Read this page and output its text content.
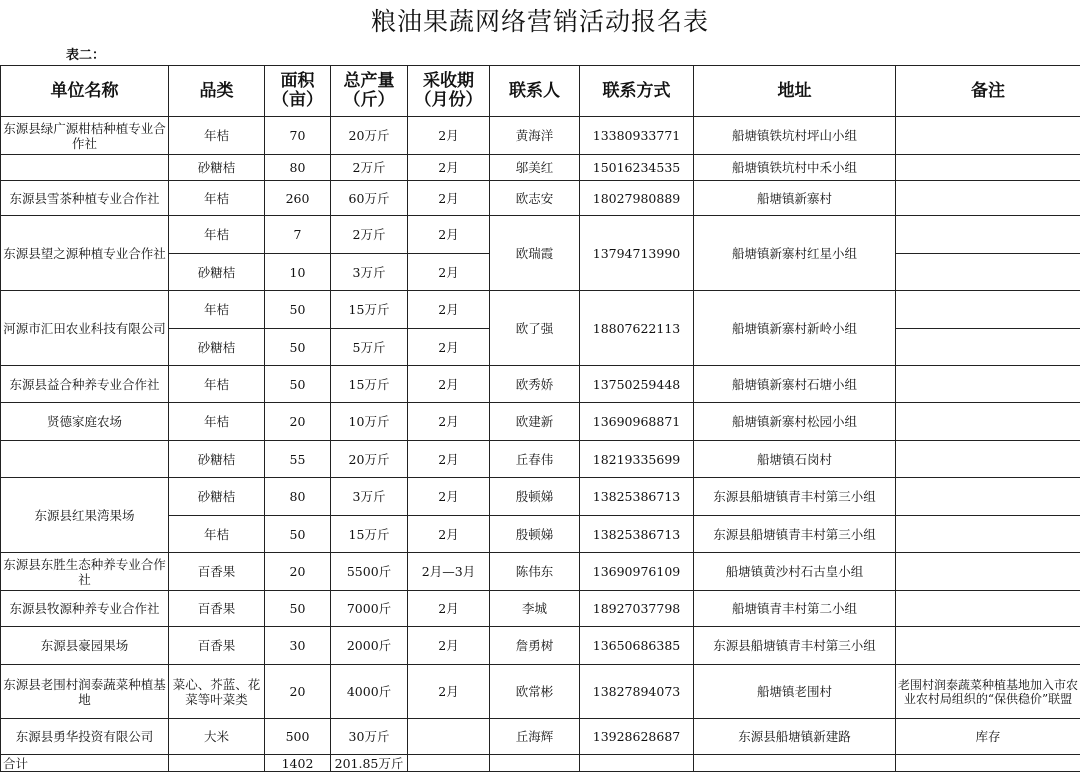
粮油果蔬网络营销活动报名表
表二：
单位名称	品类	面积（亩）	总产量（斤）	采收期（月份）	联系人	联系方式	地址	备注
东源县绿广源柑桔种植专业合作社	年桔	70	20万斤	2月	黄海洋	13380933771	船塘镇铁坑村坪山小组	
	砂糖桔	80	2万斤	2月	邬美红	15016234535	船塘镇铁坑村中禾小组	
东源县雪茶种植专业合作社	年桔	260	60万斤	2月	欧志安	18027980889	船塘镇新寨村	
东源县望之源种植专业合作社	年桔	7	2万斤	2月	欧瑞霞	13794713990	船塘镇新寨村红星小组	
	砂糖桔	10	3万斤	2月				
河源市汇田农业科技有限公司	年桔	50	15万斤	2月	欧了强	18807622113	船塘镇新寨村新岭小组	
	砂糖桔	50	5万斤	2月				
东源县益合种养专业合作社	年桔	50	15万斤	2月	欧秀娇	13750259448	船塘镇新寨村石塘小组	
贤德家庭农场	年桔	20	10万斤	2月	欧建新	13690968871	船塘镇新寨村松园小组	
	砂糖桔	55	20万斤	2月	丘春伟	18219335699	船塘镇石岗村	
东源县红果湾果场	砂糖桔	80	3万斤	2月	殷顿娣	13825386713	东源县船塘镇青丰村第三小组	
	年桔	50	15万斤	2月	殷顿娣	13825386713	东源县船塘镇青丰村第三小组	
东源县东胜生态种养专业合作社	百香果	20	5500斤	2月—3月	陈伟东	13690976109	船塘镇黄沙村石古皇小组	
东源县牧源种养专业合作社	百香果	50	7000斤	2月	李城	18927037798	船塘镇青丰村第二小组	
东源县豪园果场	百香果	30	2000斤	2月	詹勇树	13650686385	东源县船塘镇青丰村第三小组	
东源县老围村润泰蔬菜种植基地	菜心、芥蓝、花菜等叶菜类	20	4000斤	2月	欧常彬	13827894073	船塘镇老围村	老围村润泰蔬菜种植基地加入市农业农村局组织的“保供稳价”联盟
东源县勇华投资有限公司	大米	500	30万斤		丘海辉	13928628687	东源县船塘镇新建路	库存
合计		1402	201.85万斤					
